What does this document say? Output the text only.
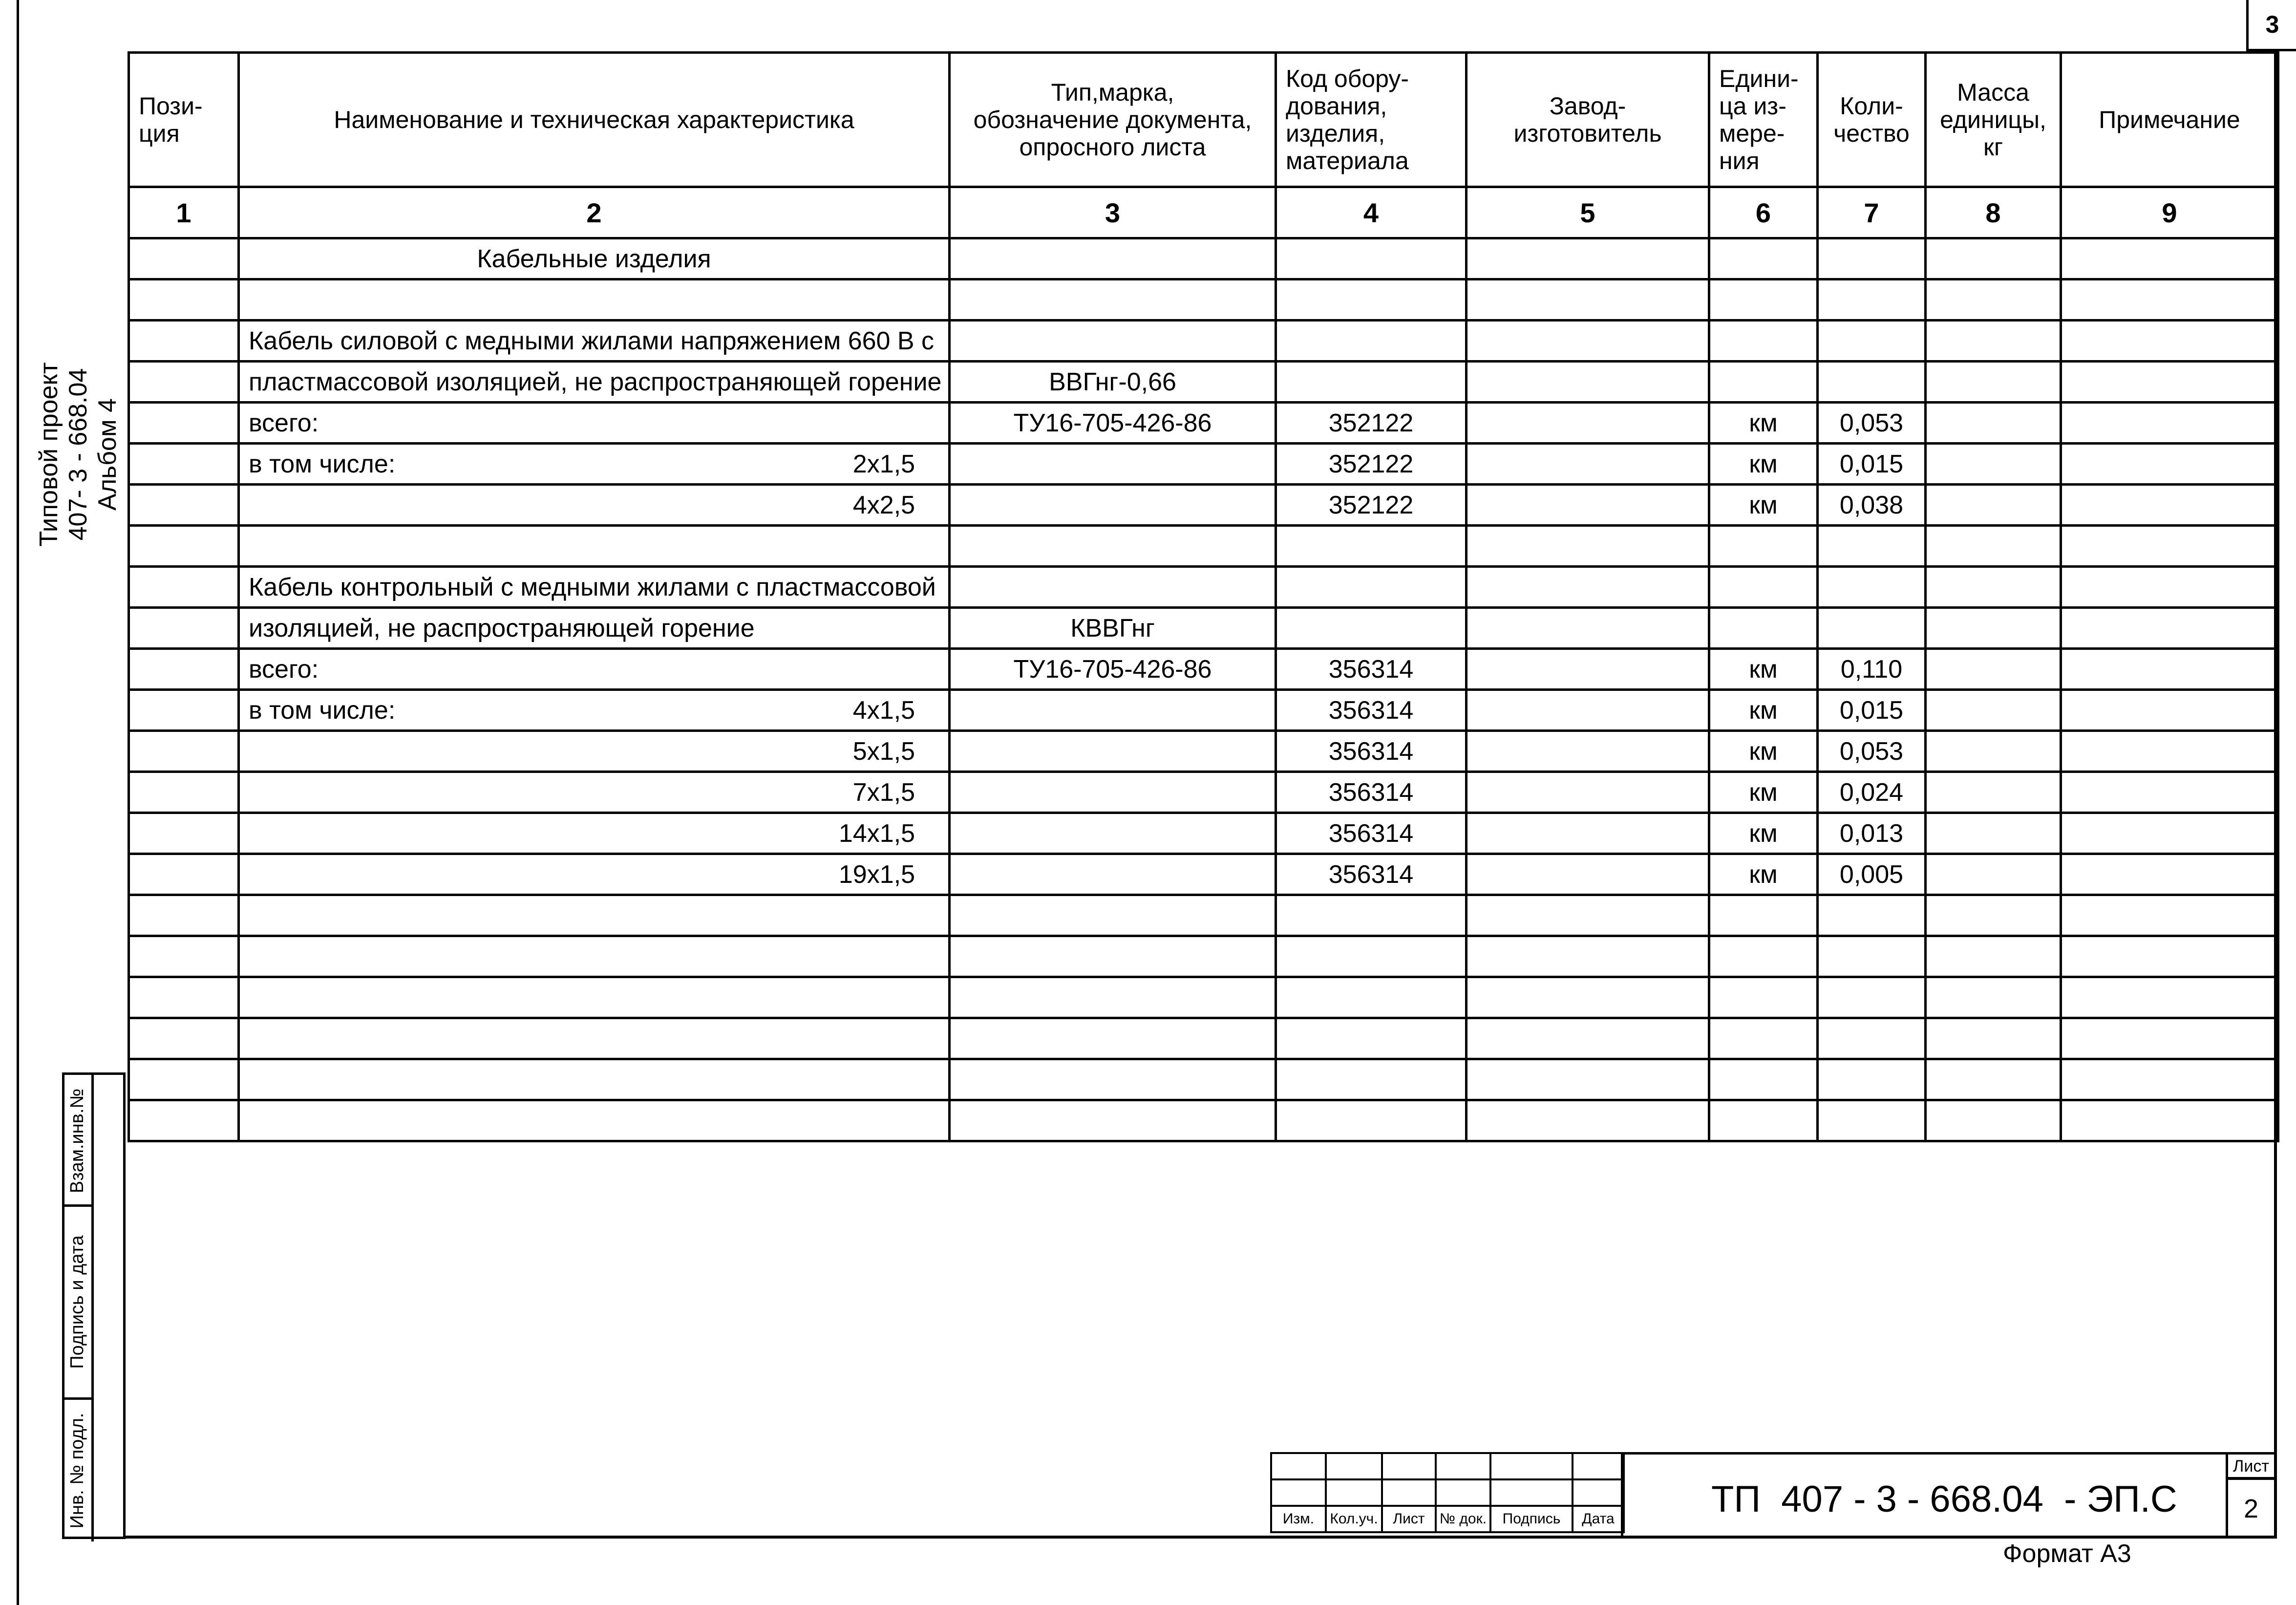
3
Типовой проект 407- 3 - 668.04 Альбом 4
Пози-
ция	Наименование и техническая характеристика	Тип,марка,
обозначение документа,
опросного листа	Код обору-
дования,
изделия,
материала	Завод-
изготовитель	Едини-
ца из-
мере-
ния	Коли-
чество	Масса
единицы,
кг	Примечание
1	2	3	4	5	6	7	8	9
	Кабельные изделия							

	Кабель силовой с медными жилами напряжением 660 В с							
	пластмассовой изоляцией, не распространяющей горение	ВВГнг-0,66						
	всего:	ТУ16-705-426-86	352122		км	0,053		
	в том числе: 2х1,5		352122		км	0,015		

	4х2,5		352122		км	0,038		

	Кабель контрольный с медными жилами с пластмассовой							
	изоляцией, не распространяющей горение	КВВГнг						
	всего:	ТУ16-705-426-86	356314		км	0,110		
	в том числе: 4х1,5		356314		км	0,015		

	5х1,5		356314		км	0,053		

	7х1,5		356314		км	0,024		

	14х1,5		356314		км	0,013		

	19х1,5		356314		км	0,005		

Взам.инв.№
Подпись и дата
Инв. № подл.

						Изм.	Кол.уч.	Лист	№ док.	Подпись	Дата	ТП  407 - 3 - 668.04  - ЭП.С
Лист
2
Формат А3
